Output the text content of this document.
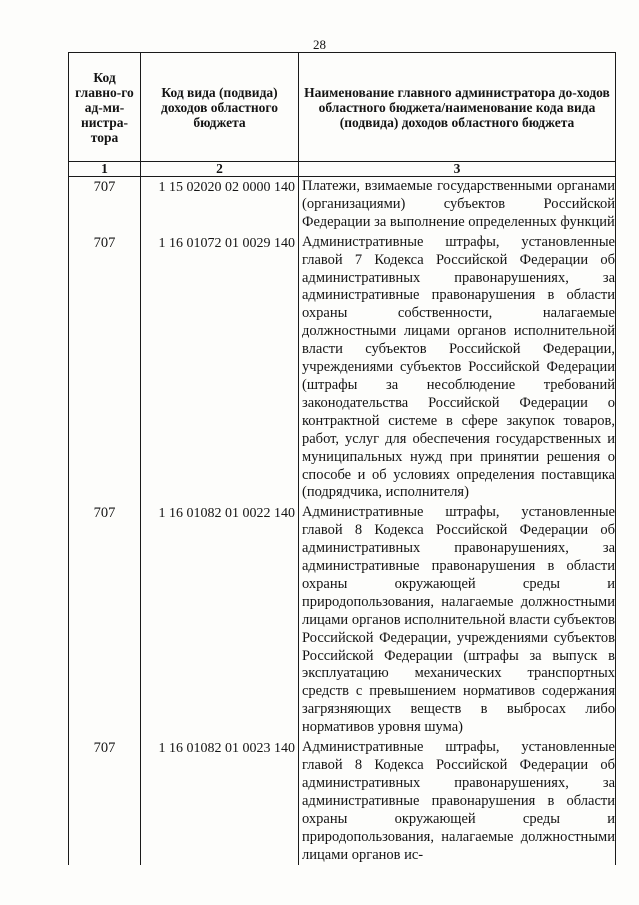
28
Код главно-го ад-ми-нистра-тора	Код вида (подвида) доходов областного бюджета	Наименование главного администратора до-ходов областного бюджета/наименование кода вида (подвида) доходов областного бюджета
1	2	3
707	1 15 02020 02 0000 140	Платежи, взимаемые государственными органами (организациями) субъектов Российской Федерации за выполнение определенных функций
707	1 16 01072 01 0029 140	Административные штрафы, установленные главой 7 Кодекса Российской Федерации об административных правонарушениях, за административные правонарушения в области охраны собственности, налагаемые должностными лицами органов исполнительной власти субъектов Российской Федерации, учреждениями субъектов Российской Федерации (штрафы за несоблюдение требований законодательства Российской Федерации о контрактной системе в сфере закупок товаров, работ, услуг для обеспечения государственных и муниципальных нужд при принятии решения о способе и об условиях определения поставщика (подрядчика, исполнителя)
707	1 16 01082 01 0022 140	Административные штрафы, установленные главой 8 Кодекса Российской Федерации об административных правонарушениях, за административные правонарушения в области охраны окружающей среды и природопользования, налагаемые должностными лицами органов исполнительной власти субъектов Российской Федерации, учреждениями субъектов Российской Федерации (штрафы за выпуск в эксплуатацию механических транспортных средств с превышением нормативов содержания загрязняющих веществ в выбросах либо нормативов уровня шума)
707	1 16 01082 01 0023 140	Административные штрафы, установленные главой 8 Кодекса Российской Федерации об административных правонарушениях, за административные правонарушения в области охраны окружающей среды и природопользования, налагаемые должностными лицами органов ис-
